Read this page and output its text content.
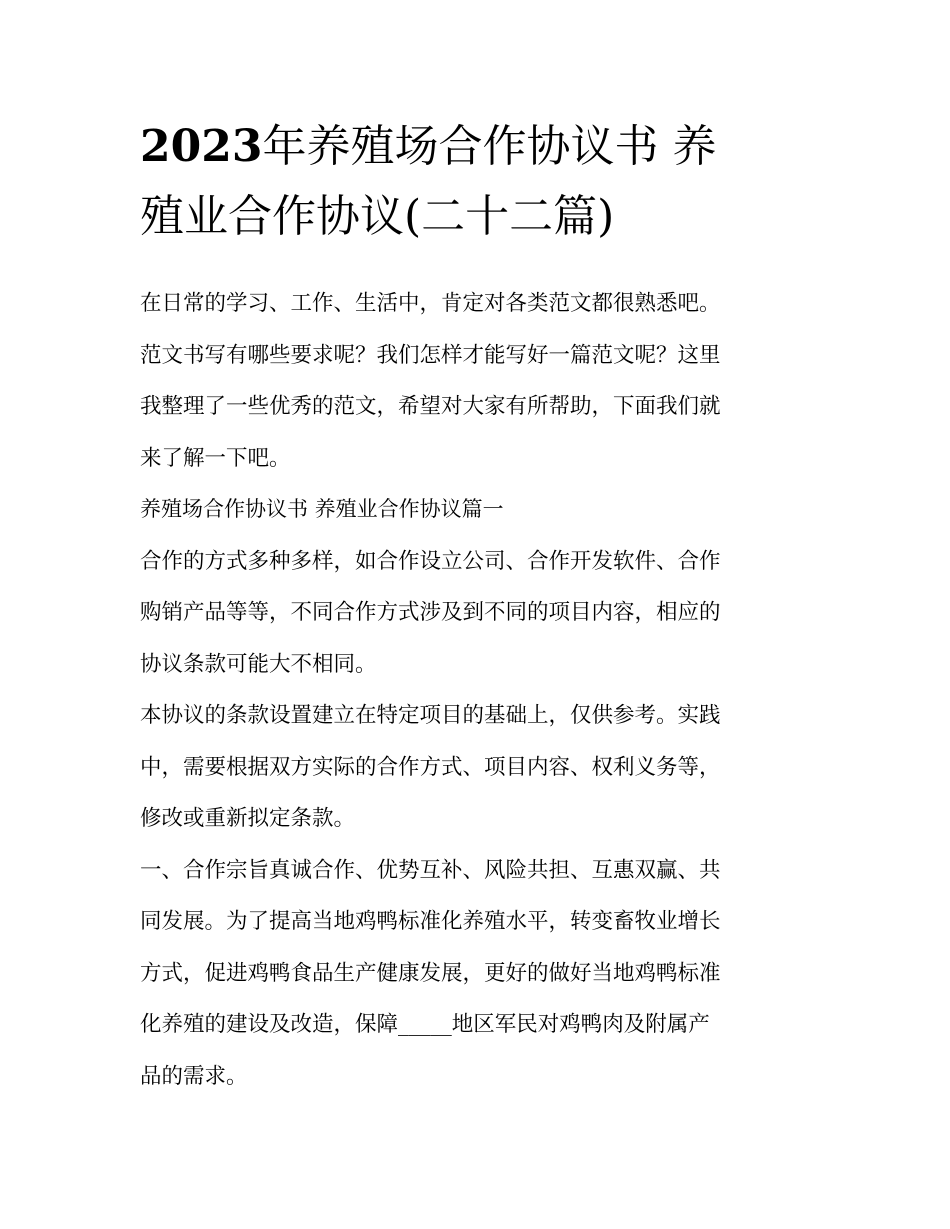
2023年养殖场合作协议书 养
殖业合作协议(二十二篇)

在日常的学习、工作、生活中，肯定对各类范文都很熟悉吧。
范文书写有哪些要求呢？我们怎样才能写好一篇范文呢？这里
我整理了一些优秀的范文，希望对大家有所帮助，下面我们就
来了解一下吧。

养殖场合作协议书 养殖业合作协议篇一

合作的方式多种多样，如合作设立公司、合作开发软件、合作
购销产品等等，不同合作方式涉及到不同的项目内容，相应的
协议条款可能大不相同。

本协议的条款设置建立在特定项目的基础上，仅供参考。实践
中，需要根据双方实际的合作方式、项目内容、权利义务等，
修改或重新拟定条款。

一、合作宗旨真诚合作、优势互补、风险共担、互惠双赢、共
同发展。为了提高当地鸡鸭标准化养殖水平，转变畜牧业增长
方式，促进鸡鸭食品生产健康发展，更好的做好当地鸡鸭标准
化养殖的建设及改造，保障_____地区军民对鸡鸭肉及附属产
品的需求。
